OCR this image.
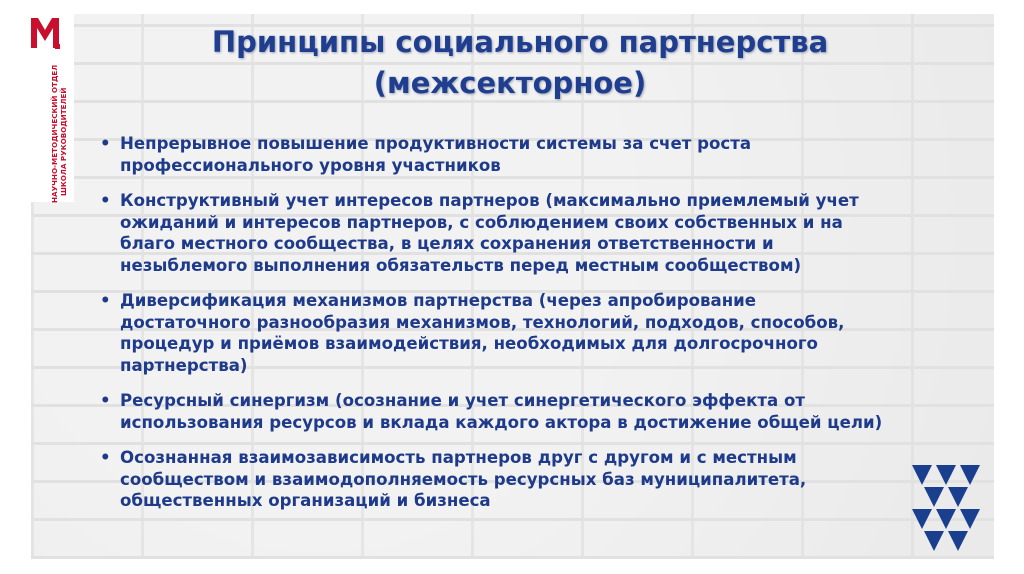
НАУЧНО-МЕТОДИЧЕСКИЙ ОТДЕЛ ШКОЛА РУКОВОДИТЕЛЕЙ
Принципы социального партнерства
(межсекторное)
• Непрерывное повышение продуктивности системы за счет роста
профессионального уровня участников
• Конструктивный учет интересов партнеров (максимально приемлемый учет
ожиданий и интересов партнеров, с соблюдением своих собственных и на
благо местного сообщества, в целях сохранения ответственности и
незыблемого выполнения обязательств перед местным сообществом)
• Диверсификация механизмов партнерства (через апробирование
достаточного разнообразия механизмов, технологий, подходов, способов,
процедур и приёмов взаимодействия, необходимых для долгосрочного
партнерства)
• Ресурсный синергизм (осознание и учет синергетического эффекта от
использования ресурсов и вклада каждого актора в достижение общей цели)
• Осознанная взаимозависимость партнеров друг с другом и с местным
сообществом и взаимодополняемость ресурсных баз муниципалитета,
общественных организаций и бизнеса
